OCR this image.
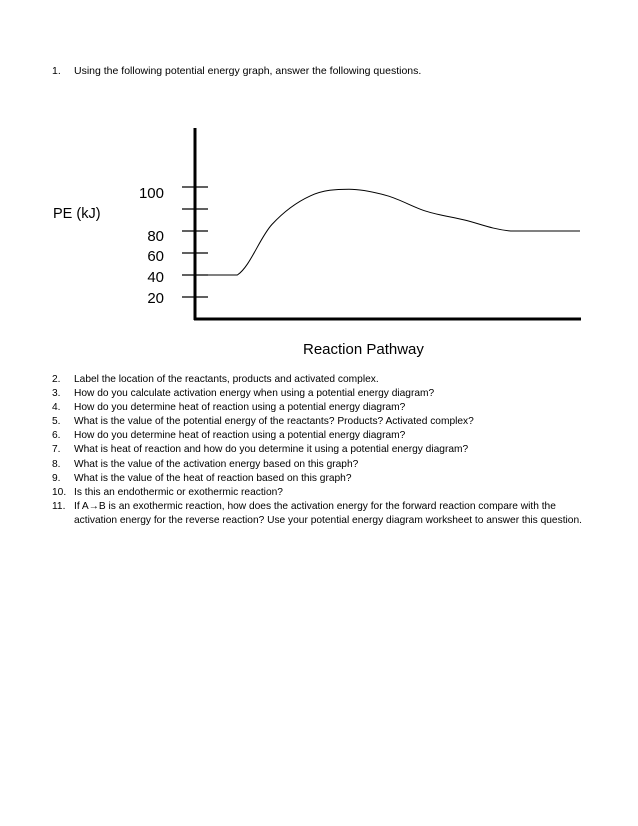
1.	Using the following potential energy graph, answer the following questions.
100
80
60
40
20
PE (kJ)
Reaction Pathway
2.	Label the location of the reactants, products and activated complex.
3.	How do you calculate activation energy when using a potential energy diagram?
4.	How do you determine heat of reaction using a potential energy diagram?
5.	What is the value of the potential energy of the reactants? Products? Activated complex?
6.	How do you determine heat of reaction using a potential energy diagram?
7.	What is heat of reaction and how do you determine it using a potential energy diagram?
8.	What is the value of the activation energy based on this graph?
9.	What is the value of the heat of reaction based on this graph?
10. Is this an endothermic or exothermic reaction?
11. If A→B is an exothermic reaction, how does the activation energy for the forward reaction compare with the activation energy for the reverse reaction? Use your potential energy diagram worksheet to answer this question.
